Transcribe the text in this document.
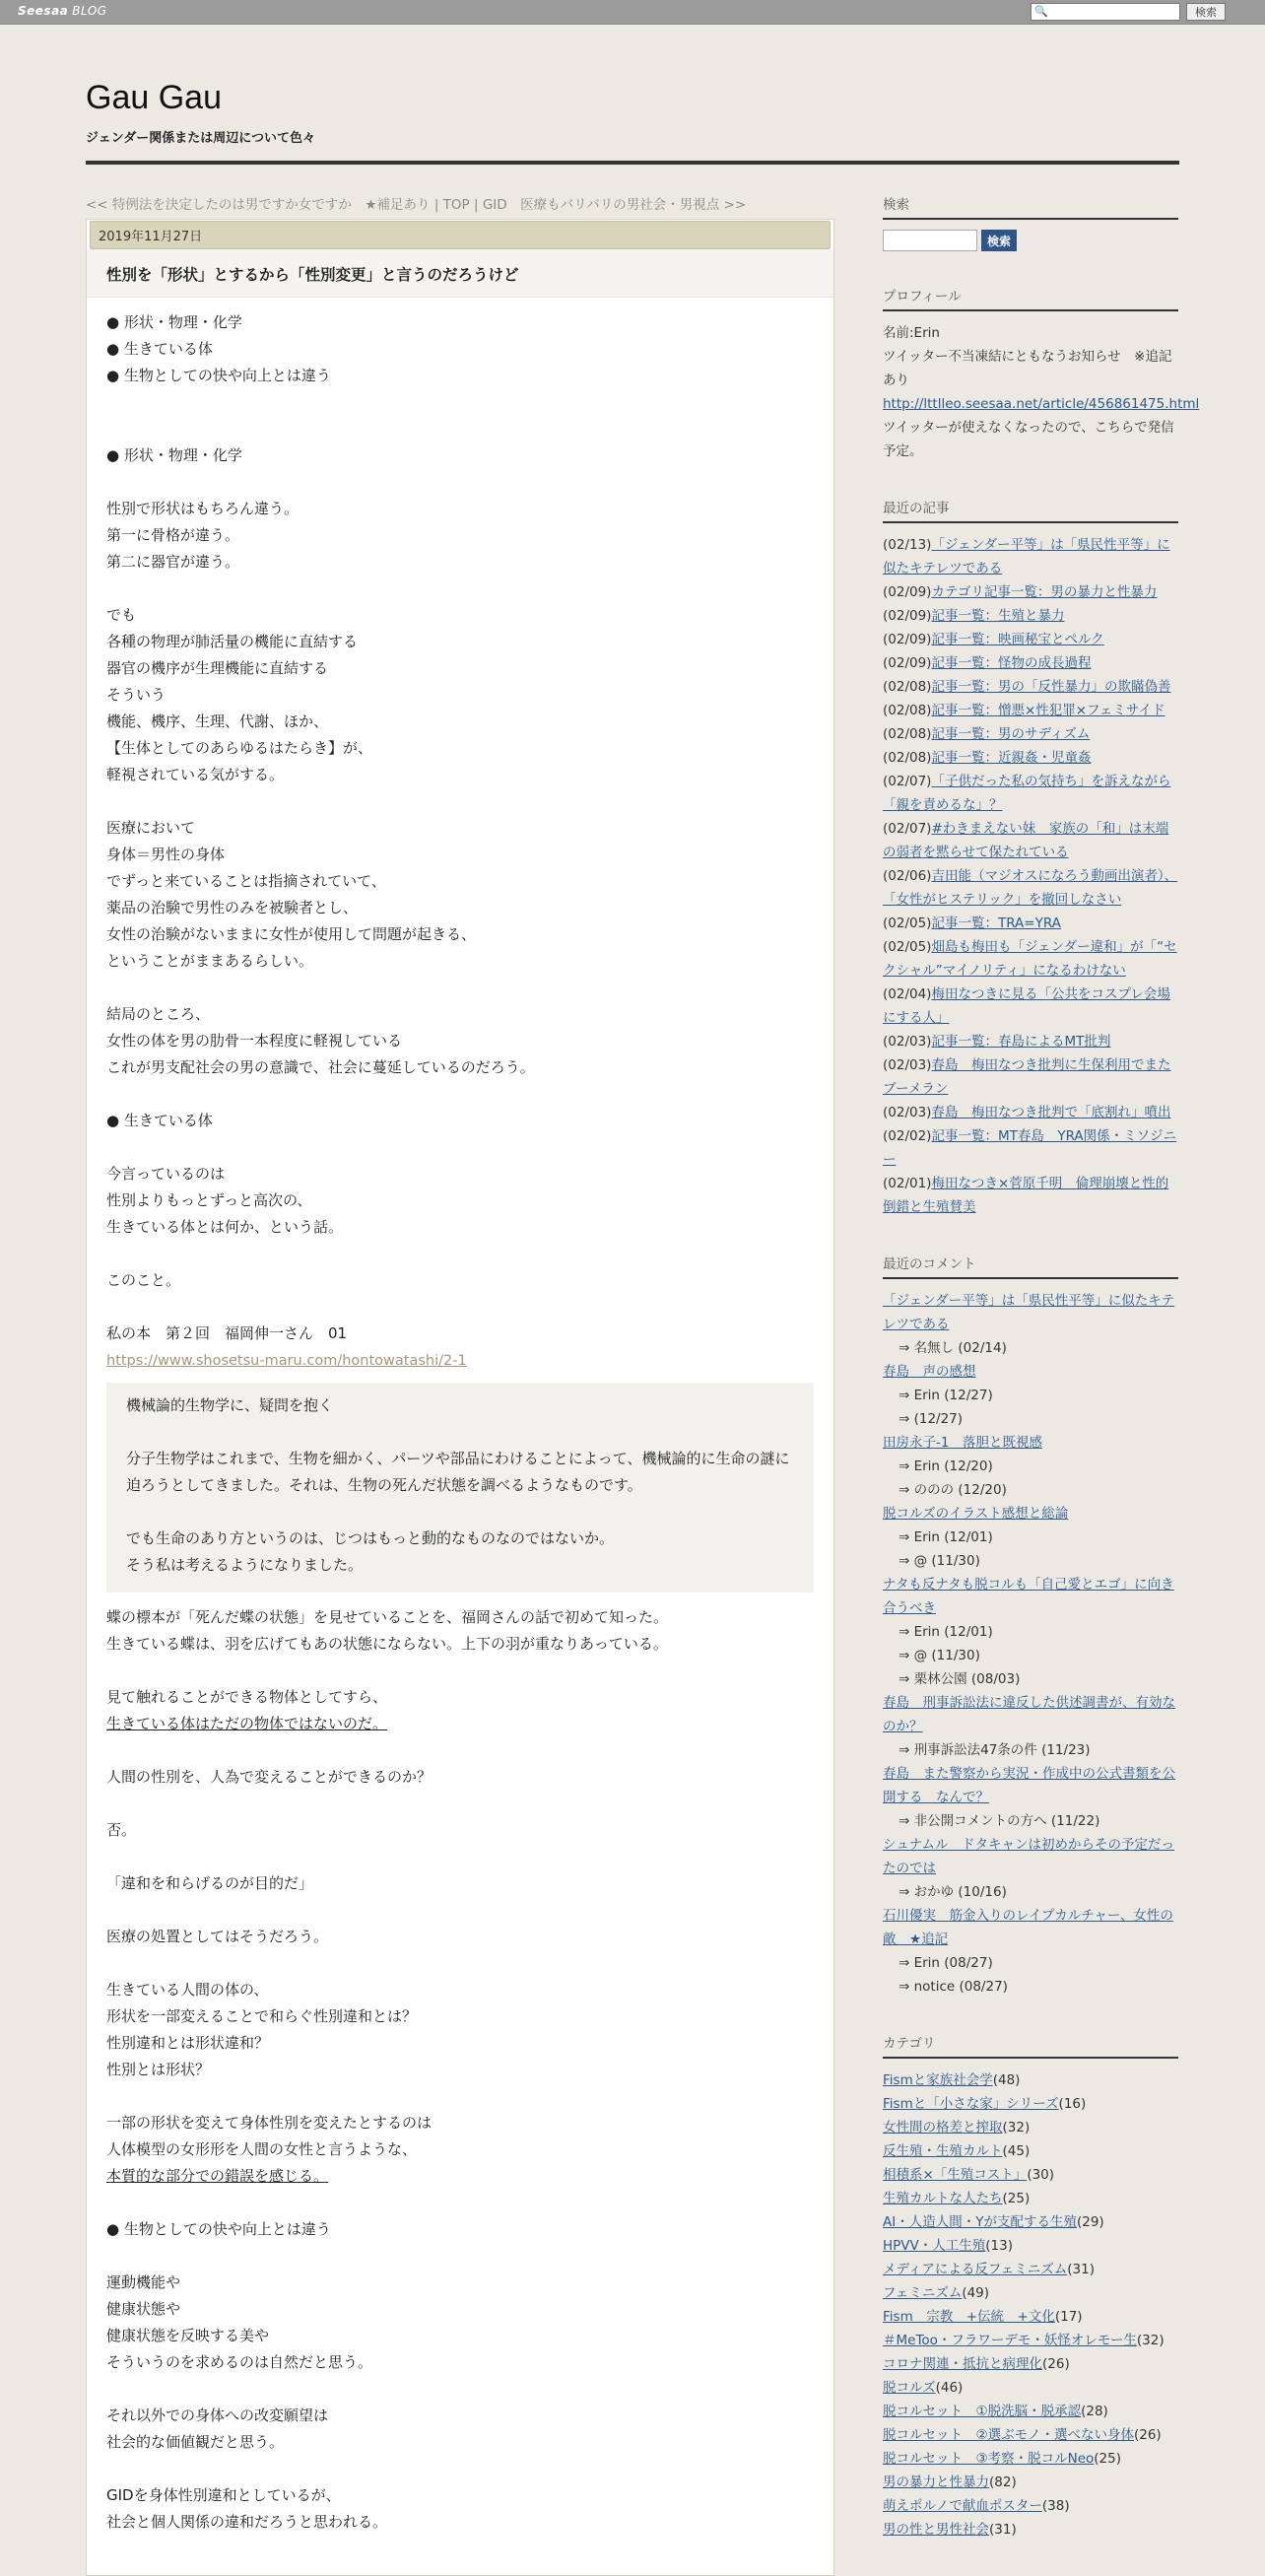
Seesaa BLOG	🔍	検索
Gau Gau
ジェンダー関係または周辺について色々
<< 特例法を決定したのは男ですか女ですか　★補足あり | TOP | GID　医療もバリバリの男社会・男視点 >>
2019年11月27日
性別を「形状」とするから「性別変更」と言うのだろうけど
● 形状・物理・化学
● 生きている体
● 生物としての快や向上とは違う
● 形状・物理・化学
性別で形状はもちろん違う。
第一に骨格が違う。
第二に器官が違う。
でも
各種の物理が肺活量の機能に直結する
器官の機序が生理機能に直結する
そういう
機能、機序、生理、代謝、ほか、
【生体としてのあらゆるはたらき】が、
軽視されている気がする。
医療において
身体＝男性の身体
でずっと来ていることは指摘されていて、
薬品の治験で男性のみを被験者とし、
女性の治験がないままに女性が使用して問題が起きる、
ということがままあるらしい。
結局のところ、
女性の体を男の肋骨一本程度に軽視している
これが男支配社会の男の意識で、社会に蔓延しているのだろう。
● 生きている体
今言っているのは
性別よりもっとずっと高次の、
生きている体とは何か、という話。
このこと。
私の本　第２回　福岡伸一さん　01
https://www.shosetsu-maru.com/hontowatashi/2-1
機械論的生物学に、疑問を抱く
分子生物学はこれまで、生物を細かく、パーツや部品にわけることによって、機械論的に生命の謎に迫ろうとしてきました。それは、生物の死んだ状態を調べるようなものです。
でも生命のあり方というのは、じつはもっと動的なものなのではないか。
そう私は考えるようになりました。
蝶の標本が「死んだ蝶の状態」を見せていることを、福岡さんの話で初めて知った。
生きている蝶は、羽を広げてもあの状態にならない。上下の羽が重なりあっている。
見て触れることができる物体としてすら、
生きている体はただの物体ではないのだ。
人間の性別を、人為で変えることができるのか？
否。
「違和を和らげるのが目的だ」
医療の処置としてはそうだろう。
生きている人間の体の、
形状を一部変えることで和らぐ性別違和とは？
性別違和とは形状違和？
性別とは形状？
一部の形状を変えて身体性別を変えたとするのは
人体模型の女形形を人間の女性と言うような、
本質的な部分での錯誤を感じる。
● 生物としての快や向上とは違う
運動機能や
健康状態や
健康状態を反映する美や
そういうのを求めるのは自然だと思う。
それ以外での身体への改変願望は
社会的な価値観だと思う。
GIDを身体性別違和としているが、
社会と個人関係の違和だろうと思われる。
検索
検索
プロフィール
名前:Erin
ツイッター不当凍結にともなうお知らせ　※追記あり
http://lttlleo.seesaa.net/article/456861475.html
ツイッターが使えなくなったので、こちらで発信予定。
最近の記事
(02/13)「ジェンダー平等」は「県民性平等」に似たキテレツである
(02/09)カテゴリ記事一覧：男の暴力と性暴力
(02/09)記事一覧：生殖と暴力
(02/09)記事一覧：映画秘宝とペルク
(02/09)記事一覧：怪物の成長過程
(02/08)記事一覧：男の「反性暴力」の欺瞞偽善
(02/08)記事一覧：憎悪×性犯罪×フェミサイド
(02/08)記事一覧：男のサディズム
(02/08)記事一覧：近親姦・児童姦
(02/07)「子供だった私の気持ち」を訴えながら「親を責めるな」？
(02/07)#わきまえない妹　家族の「和」は末端の弱者を黙らせて保たれている
(02/06)吉田能（マジオスになろう動画出演者）、「女性がヒステリック」を撤回しなさい
(02/05)記事一覧：TRA=YRA
(02/05)畑島も梅田も「ジェンダー違和」が「“セクシャル”マイノリティ」になるわけない
(02/04)梅田なつきに見る「公共をコスプレ会場にする人」
(02/03)記事一覧：春島によるMT批判
(02/03)春島　梅田なつき批判に生保利用でまたブーメラン
(02/03)春島　梅田なつき批判で「底割れ」噴出
(02/02)記事一覧：MT春島　YRA関係・ミソジニー
(02/01)梅田なつき×菅原千明　倫理崩壊と性的倒錯と生殖賛美
最近のコメント
「ジェンダー平等」は「県民性平等」に似たキテレツである
⇒ 名無し (02/14)
春島　声の感想
⇒ Erin (12/27)
⇒ (12/27)
田房永子-1　落胆と既視感
⇒ Erin (12/20)
⇒ ののの (12/20)
脱コルズのイラスト感想と総論
⇒ Erin (12/01)
⇒ @ (11/30)
ナタも反ナタも脱コルも「自己愛とエゴ」に向き合うべき
⇒ Erin (12/01)
⇒ @ (11/30)
⇒ 栗林公園 (08/03)
春島　刑事訴訟法に違反した供述調書が、有効なのか？
⇒ 刑事訴訟法47条の件 (11/23)
春島　また警察から実況・作成中の公式書類を公開する　なんで？
⇒ 非公開コメントの方へ (11/22)
シュナムル　ドタキャンは初めからその予定だったのでは
⇒ おかゆ (10/16)
石川優実　筋金入りのレイプカルチャー、女性の敵　★追記
⇒ Erin (08/27)
⇒ notice (08/27)
カテゴリ
Fismと家族社会学(48)
Fismと「小さな家」シリーズ(16)
女性間の格差と搾取(32)
反生殖・生殖カルト(45)
相積系×「生殖コスト」(30)
生殖カルトな人たち(25)
AI・人造人間・Yが支配する生殖(29)
HPVV・人工生殖(13)
メディアによる反フェミニズム(31)
フェミニズム(49)
Fism　宗教　+伝統　+文化(17)
＃MeToo・フラワーデモ・妖怪オレモー生(32)
コロナ関連・抵抗と病理化(26)
脱コルズ(46)
脱コルセット　①脱洗脳・脱承認(28)
脱コルセット　②選ぶモノ・選べない身体(26)
脱コルセット　③考察・脱コルNeo(25)
男の暴力と性暴力(82)
萌えポルノで献血ポスター(38)
男の性と男性社会(31)
